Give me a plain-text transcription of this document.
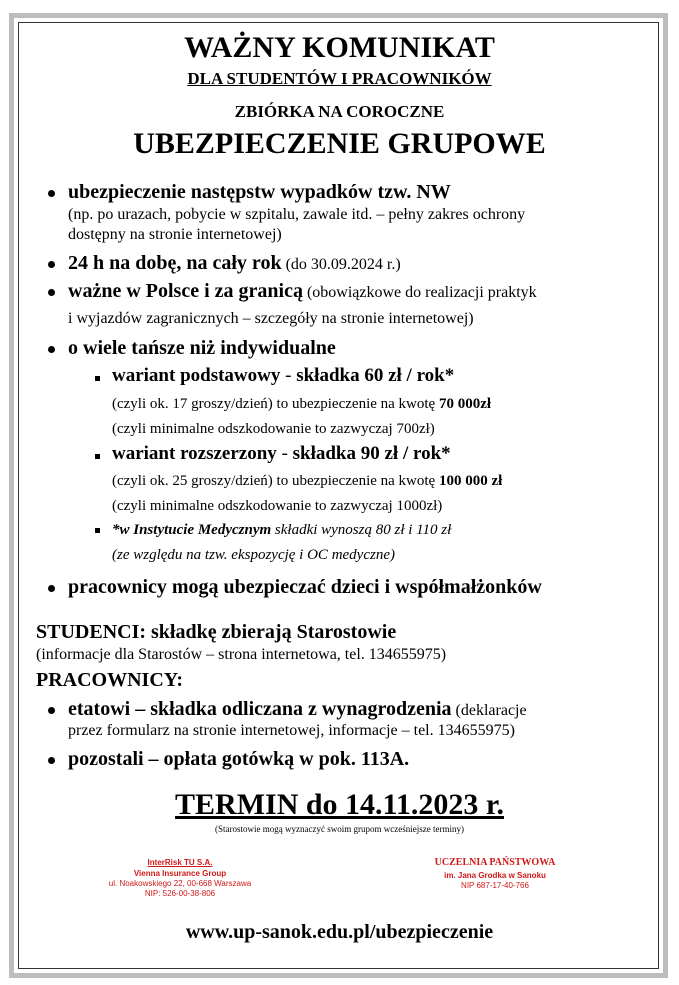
WAŻNY KOMUNIKAT
DLA STUDENTÓW I PRACOWNIKÓW
ZBIÓRKA NA COROCZNE
UBEZPIECZENIE GRUPOWE
ubezpieczenie następstw wypadków tzw. NW
(np. po urazach, pobycie w szpitalu, zawale itd. – pełny zakres ochrony
dostępny na stronie internetowej)
24 h na dobę, na cały rok (do 30.09.2024 r.)
ważne w Polsce i za granicą (obowiązkowe do realizacji praktyk
i wyjazdów zagranicznych – szczegóły na stronie internetowej)
o wiele tańsze niż indywidualne
wariant podstawowy - składka 60 zł / rok*
(czyli ok. 17 groszy/dzień) to ubezpieczenie na kwotę 70 000zł
(czyli minimalne odszkodowanie to zazwyczaj 700zł)
wariant rozszerzony - składka 90 zł / rok*
(czyli ok. 25 groszy/dzień) to ubezpieczenie na kwotę 100 000 zł
(czyli minimalne odszkodowanie to zazwyczaj 1000zł)
*w Instytucie Medycznym składki wynoszą 80 zł i 110 zł
(ze względu na tzw. ekspozycję i OC medyczne)
pracownicy mogą ubezpieczać dzieci i współmałżonków
STUDENCI: składkę zbierają Starostowie
(informacje dla Starostów – strona internetowa, tel. 134655975)
PRACOWNICY:
etatowi – składka odliczana z wynagrodzenia (deklaracje
przez formularz na stronie internetowej, informacje – tel. 134655975)
pozostali – opłata gotówką w pok. 113A.
TERMIN do 14.11.2023 r.
(Starostowie mogą wyznaczyć swoim grupom wcześniejsze terminy)
InterRisk TU S.A.
Vienna Insurance Group
ul. Noakowskiego 22, 00-668 Warszawa
NIP: 526-00-38-806
UCZELNIA PAŃSTWOWA
im. Jana Grodka w Sanoku
NIP 687-17-40-766
www.up-sanok.edu.pl/ubezpieczenie
